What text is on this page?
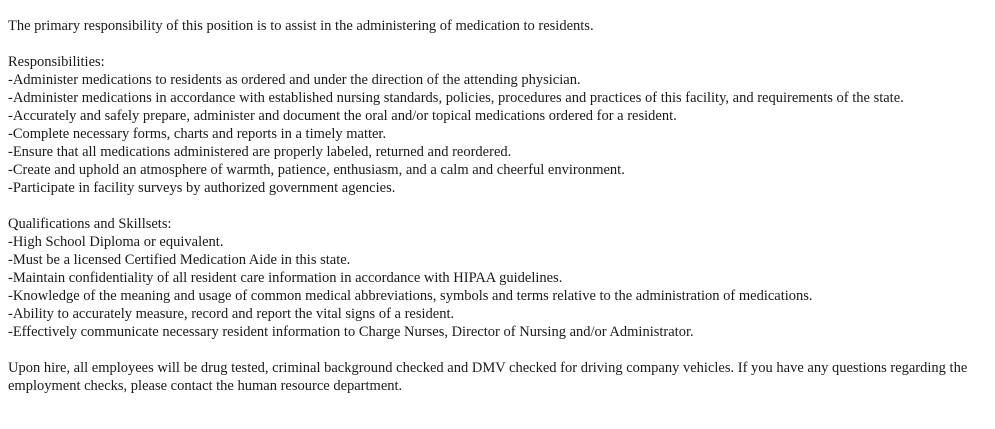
The primary responsibility of this position is to assist in the administering of medication to residents.

Responsibilities:
-Administer medications to residents as ordered and under the direction of the attending physician.
-Administer medications in accordance with established nursing standards, policies, procedures and practices of this facility, and requirements of the state.
-Accurately and safely prepare, administer and document the oral and/or topical medications ordered for a resident.
-Complete necessary forms, charts and reports in a timely matter.
-Ensure that all medications administered are properly labeled, returned and reordered.
-Create and uphold an atmosphere of warmth, patience, enthusiasm, and a calm and cheerful environment.
-Participate in facility surveys by authorized government agencies.
Qualifications and Skillsets:
-High School Diploma or equivalent.
-Must be a licensed Certified Medication Aide in this state.
-Maintain confidentiality of all resident care information in accordance with HIPAA guidelines.
-Knowledge of the meaning and usage of common medical abbreviations, symbols and terms relative to the administration of medications.
-Ability to accurately measure, record and report the vital signs of a resident.
-Effectively communicate necessary resident information to Charge Nurses, Director of Nursing and/or Administrator.

Upon hire, all employees will be drug tested, criminal background checked and DMV checked for driving company vehicles. If you have any questions regarding the employment checks, please contact the human resource department.
